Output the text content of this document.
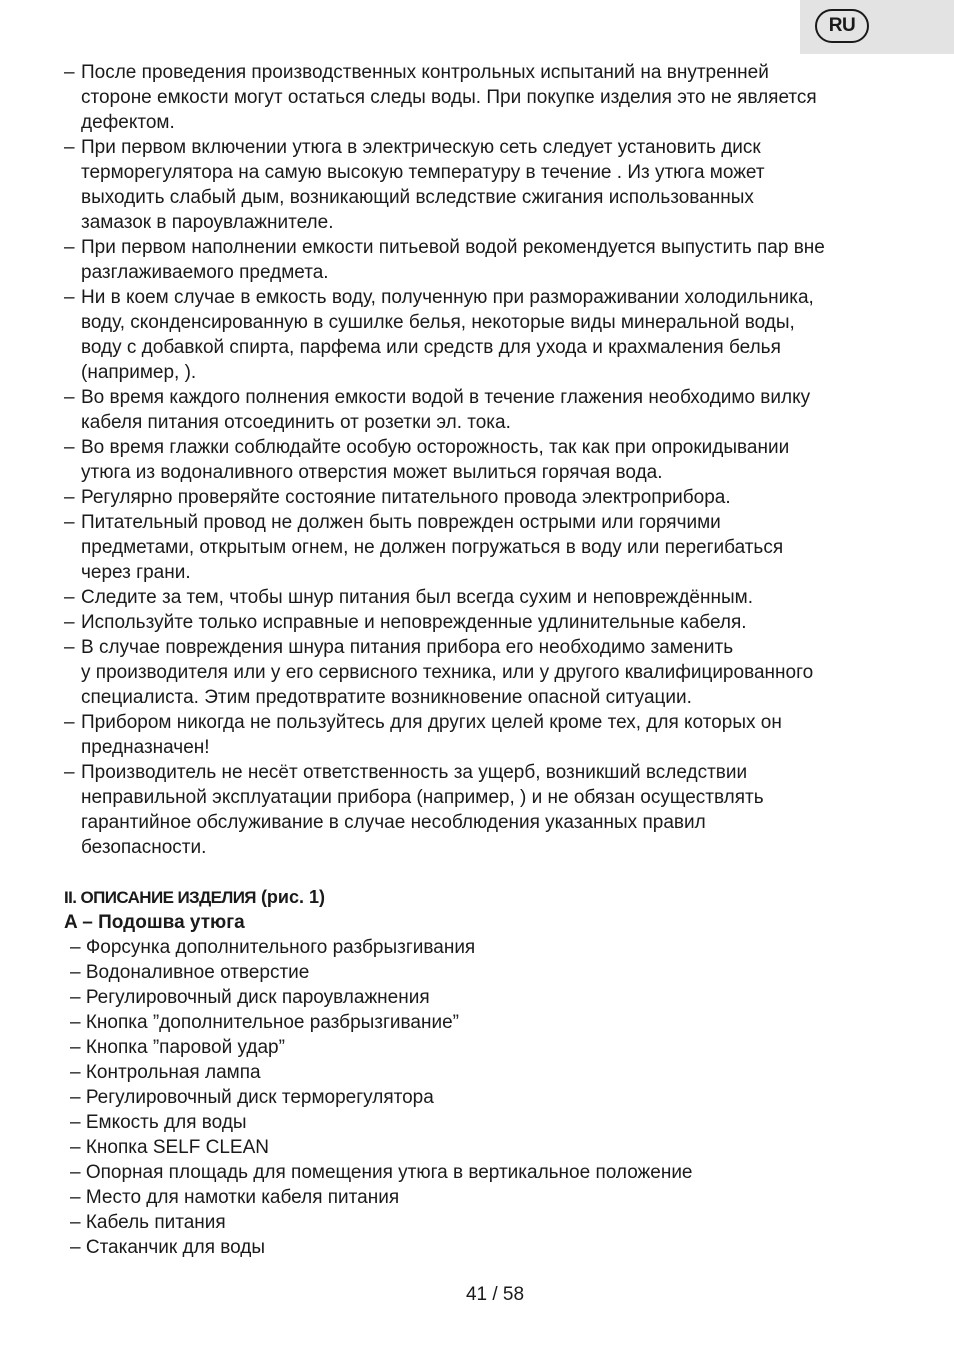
RU
– После проведения производственных контрольных испытаний на внутренней
стороне емкости могут остаться следы воды. При покупке изделия это не является
дефектом.
– При первом включении утюга в электрическую сеть следует установить диск
терморегулятора на самую высокую температуру в течение . Из утюга может
выходить слабый дым, возникающий вследствие сжигания использованных
замазок в пароувлажнителе.
– При первом наполнении емкости питьевой водой рекомендуется выпустить пар вне
разглаживаемого предмета.
– Ни в коем случае в емкость воду, полученную при размораживании холодильника,
воду, сконденсированную в сушилке белья, некоторые виды минеральной воды,
воду с добавкой спирта, парфема или средств для ухода и крахмаления белья
(например, ).
– Во время каждого полнения емкости водой в течение глажения необходимо вилку
кабеля питания отсоединить от розетки эл. тока.
– Во время глажки соблюдайте особую осторожность, так как при опрокидывании
утюга из водоналивного отверстия может вылиться горячая вода.
– Регулярно проверяйте состояние питательного провода электроприбора.
– Питательный провод не должен быть поврежден острыми или горячими
предметами, открытым огнем, не должен погружаться в воду или перегибаться
через грани.
– Следите за тем, чтобы шнур питания был всегда сухим и неповреждённым.
– Используйте только исправные и неповрежденные удлинительные кабеля.
– В случае повреждения шнура питания прибора его необходимо заменить
у производителя или у его сервисного техника, или у другого квалифицированного
специалиста. Этим предотвратите возникновение опасной ситуации.
– Прибором никогда не пользуйтесь для других целей кроме тех, для которых он
предназначен!
– Производитель не несёт ответственность за ущерб, возникший вследствии
неправильной эксплуатации прибора (например, ) и не обязан осуществлять
гарантийное обслуживание в случае несоблюдения указанных правил
безопасности.
II. ОПИСАНИЕ ИЗДЕЛИЯ (рис. 1)
A – Подошва утюга
– Форсунка дополнительного разбрызгивания
– Водоналивное отверстие
– Регулировочный диск пароувлажнения
– Кнопка ”дополнительное разбрызгивание”
– Кнопка ”паровой удар”
– Контрольная лампа
– Регулировочный диск терморегулятора
– Емкость для воды
– Кнопка SELF CLEAN
– Опорная площадь для помещения утюга в вертикальное положение
– Место для намотки кабеля питания
– Кабель питания
– Стаканчик для воды
41 / 58
